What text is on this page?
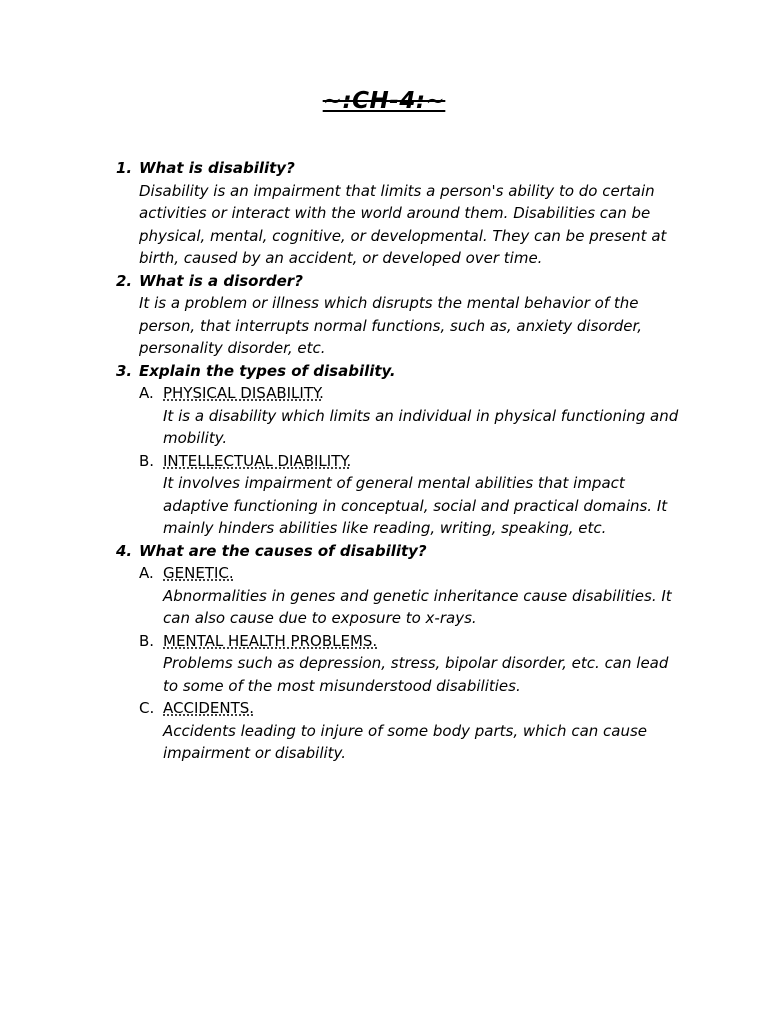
~:CH-4:~
1. What is disability?
Disability is an impairment that limits a person's ability to do certain activities or interact with the world around them. Disabilities can be physical, mental, cognitive, or developmental. They can be present at birth, caused by an accident, or developed over time.
2. What is a disorder?
It is a problem or illness which disrupts the mental behavior of the person, that interrupts normal functions, such as, anxiety disorder, personality disorder, etc.
3. Explain the types of disability.
A. PHYSICAL DISABILITY.
It is a disability which limits an individual in physical functioning and mobility.
B. INTELLECTUAL DIABILITY.
It involves impairment of general mental abilities that impact adaptive functioning in conceptual, social and practical domains. It mainly hinders abilities like reading, writing, speaking, etc.
4. What are the causes of disability?
A. GENETIC.
Abnormalities in genes and genetic inheritance cause disabilities. It can also cause due to exposure to x-rays.
B. MENTAL HEALTH PROBLEMS.
Problems such as depression, stress, bipolar disorder, etc. can lead to some of the most misunderstood disabilities.
C. ACCIDENTS.
Accidents leading to injure of some body parts, which can cause impairment or disability.
